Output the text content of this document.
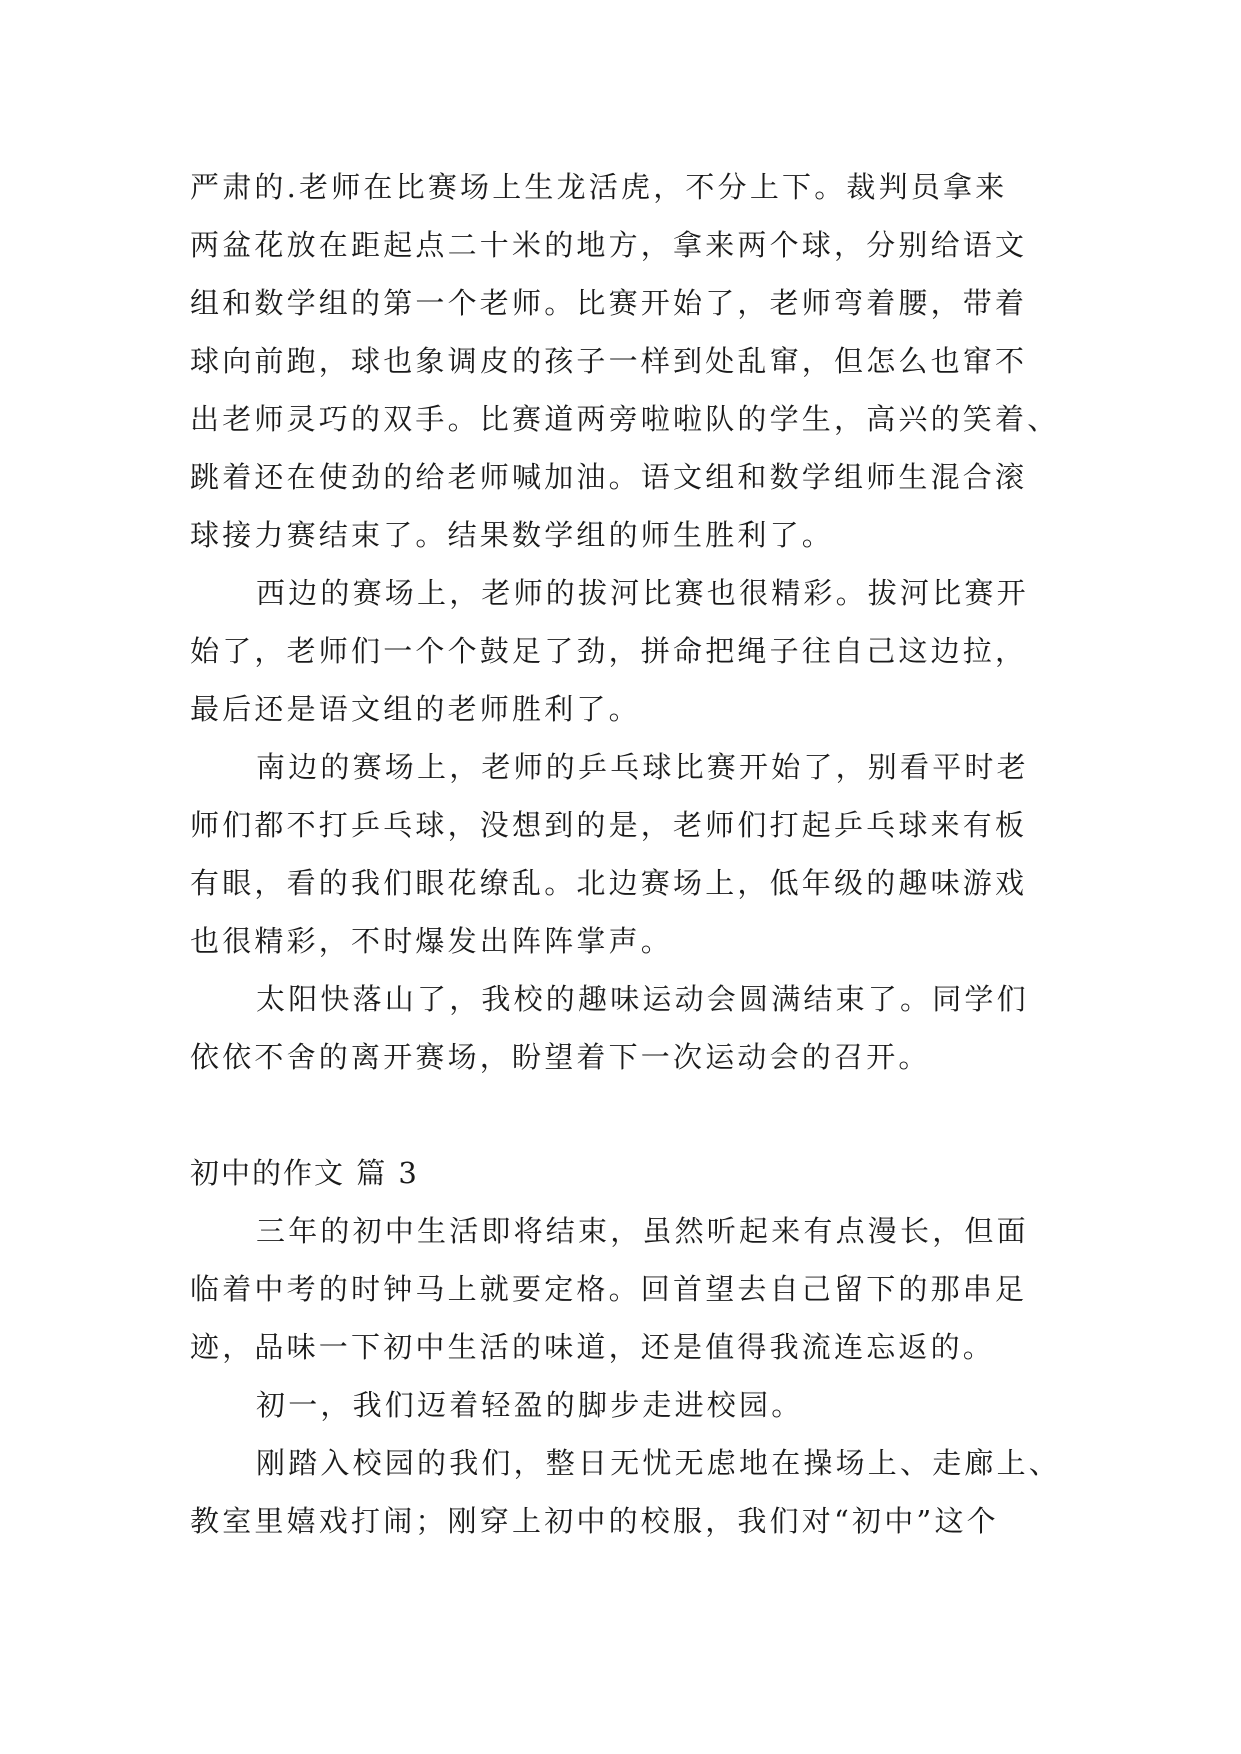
严肃的.老师在比赛场上生龙活虎，不分上下。裁判员拿来
两盆花放在距起点二十米的地方，拿来两个球，分别给语文
组和数学组的第一个老师。比赛开始了，老师弯着腰，带着
球向前跑，球也象调皮的孩子一样到处乱窜，但怎么也窜不
出老师灵巧的双手。比赛道两旁啦啦队的学生，高兴的笑着、
跳着还在使劲的给老师喊加油。语文组和数学组师生混合滚
球接力赛结束了。结果数学组的师生胜利了。
西边的赛场上，老师的拔河比赛也很精彩。拔河比赛开
始了，老师们一个个鼓足了劲，拼命把绳子往自己这边拉，
最后还是语文组的老师胜利了。
南边的赛场上，老师的乒乓球比赛开始了，别看平时老
师们都不打乒乓球，没想到的是，老师们打起乒乓球来有板
有眼，看的我们眼花缭乱。北边赛场上，低年级的趣味游戏
也很精彩，不时爆发出阵阵掌声。
太阳快落山了，我校的趣味运动会圆满结束了。同学们
依依不舍的离开赛场，盼望着下一次运动会的召开。
初中的作文 篇 3
三年的初中生活即将结束，虽然听起来有点漫长，但面
临着中考的时钟马上就要定格。回首望去自己留下的那串足
迹，品味一下初中生活的味道，还是值得我流连忘返的。
初一，我们迈着轻盈的脚步走进校园。
刚踏入校园的我们，整日无忧无虑地在操场上、走廊上、
教室里嬉戏打闹；刚穿上初中的校服，我们对“初中”这个
